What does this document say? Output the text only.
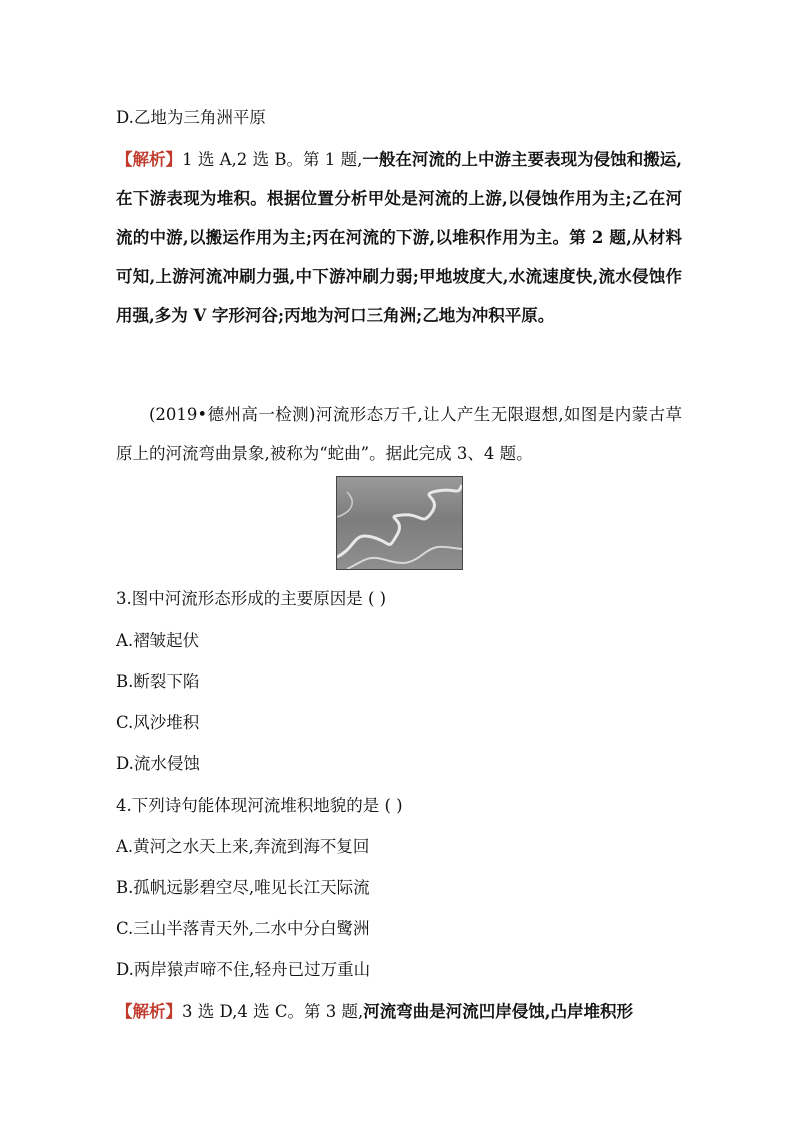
D.乙地为三角洲平原
【解析】1 选 A,2 选 B。第 1 题,一般在河流的上中游主要表现为侵蚀和搬运,在下游表现为堆积。根据位置分析甲处是河流的上游,以侵蚀作用为主;乙在河流的中游,以搬运作用为主;丙在河流的下游,以堆积作用为主。第 2 题,从材料可知,上游河流冲刷力强,中下游冲刷力弱;甲地坡度大,水流速度快,流水侵蚀作用强,多为 V 字形河谷;丙地为河口三角洲;乙地为冲积平原。
(2019•德州高一检测)河流形态万千,让人产生无限遐想,如图是内蒙古草原上的河流弯曲景象,被称为“蛇曲”。据此完成 3、4 题。
3.图中河流形态形成的主要原因是 ( )
A.褶皱起伏
B.断裂下陷
C.风沙堆积
D.流水侵蚀
4.下列诗句能体现河流堆积地貌的是 ( )
A.黄河之水天上来,奔流到海不复回
B.孤帆远影碧空尽,唯见长江天际流
C.三山半落青天外,二水中分白鹭洲
D.两岸猿声啼不住,轻舟已过万重山
【解析】3 选 D,4 选 C。第 3 题,河流弯曲是河流凹岸侵蚀,凸岸堆积形
